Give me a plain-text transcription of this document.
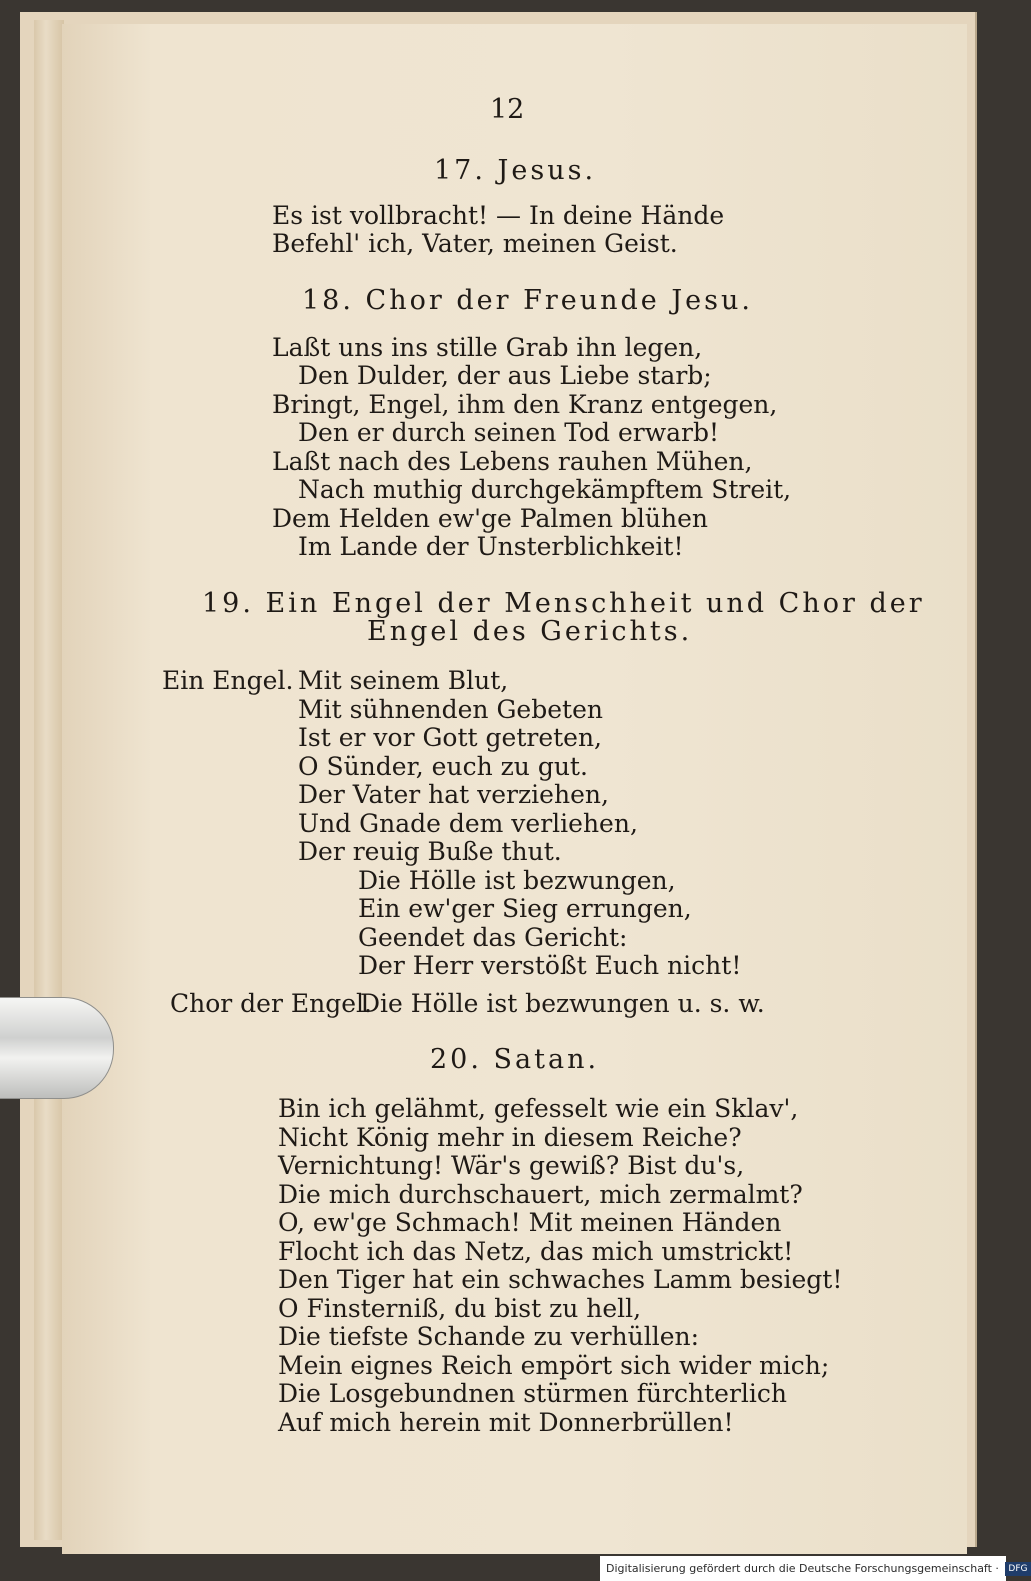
12
17. Jesus.
Es ist vollbracht! — In deine Hände
Befehl' ich, Vater, meinen Geist.
18. Chor der Freunde Jesu.
Laßt uns ins stille Grab ihn legen,
Den Dulder, der aus Liebe starb;
Bringt, Engel, ihm den Kranz entgegen,
Den er durch seinen Tod erwarb!
Laßt nach des Lebens rauhen Mühen,
Nach muthig durchgekämpftem Streit,
Dem Helden ew'ge Palmen blühen
Im Lande der Unsterblichkeit!
19. Ein Engel der Menschheit und Chor der
Engel des Gerichts.
Ein Engel. Mit seinem Blut,
Mit sühnenden Gebeten
Ist er vor Gott getreten,
O Sünder, euch zu gut.
Der Vater hat verziehen,
Und Gnade dem verliehen,
Der reuig Buße thut.
Die Hölle ist bezwungen,
Ein ew'ger Sieg errungen,
Geendet das Gericht:
Der Herr verstößt Euch nicht!
Chor der Engel.
Die Hölle ist bezwungen u. s. w.
20. Satan.
Bin ich gelähmt, gefesselt wie ein Sklav',
Nicht König mehr in diesem Reiche?
Vernichtung! Wär's gewiß? Bist du's,
Die mich durchschauert, mich zermalmt?
O, ew'ge Schmach! Mit meinen Händen
Flocht ich das Netz, das mich umstrickt!
Den Tiger hat ein schwaches Lamm besiegt!
O Finsterniß, du bist zu hell,
Die tiefste Schande zu verhüllen:
Mein eignes Reich empört sich wider mich;
Die Losgebundnen stürmen fürchterlich
Auf mich herein mit Donnerbrüllen!
Digitalisierung gefördert durch die Deutsche Forschungsgemeinschaft · DFG
